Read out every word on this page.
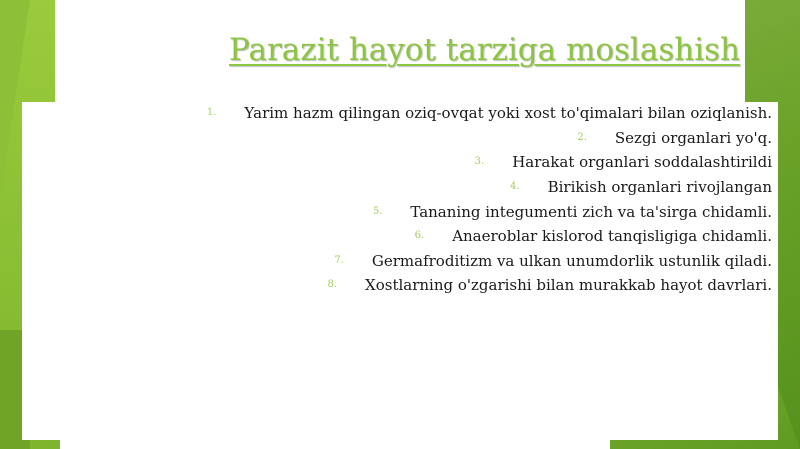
Parazit hayot tarziga moslashish
1. Yarim hazm qilingan oziq-ovqat yoki xost to'qimalari bilan oziqlanish.
2. Sezgi organlari yo'q.
3. Harakat organlari soddalashtirildi
4. Birikish organlari rivojlangan
5. Tananing integumenti zich va ta'sirga chidamli.
6. Anaeroblar kislorod tanqisligiga chidamli.
7. Germafroditizm va ulkan unumdorlik ustunlik qiladi.
8. Xostlarning o'zgarishi bilan murakkab hayot davrlari.
